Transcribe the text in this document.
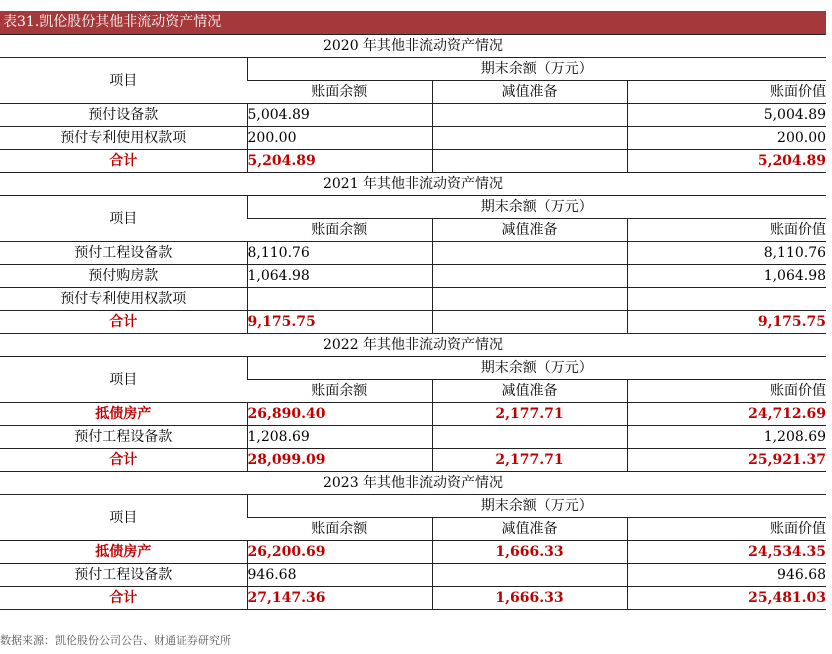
表31.凯伦股份其他非流动资产情况
2020 年其他非流动资产情况			
项目	期末余额（万元）		
	账面余额	减值准备	账面价值
预付设备款	5,004.89		5,004.89
预付专利使用权款项	200.00		200.00
合计	5,204.89		5,204.89
2021 年其他非流动资产情况			
项目	期末余额（万元）		
	账面余额	减值准备	账面价值
预付工程设备款	8,110.76		8,110.76
预付购房款	1,064.98		1,064.98
预付专利使用权款项			
合计	9,175.75		9,175.75
2022 年其他非流动资产情况			
项目	期末余额（万元）		
	账面余额	减值准备	账面价值
抵债房产	26,890.40	2,177.71	24,712.69
预付工程设备款	1,208.69		1,208.69
合计	28,099.09	2,177.71	25,921.37
2023 年其他非流动资产情况			
项目	期末余额（万元）		
	账面余额	减值准备	账面价值
抵债房产	26,200.69	1,666.33	24,534.35
预付工程设备款	946.68		946.68
合计	27,147.36	1,666.33	25,481.03
数据来源：凯伦股份公司公告、财通证券研究所
